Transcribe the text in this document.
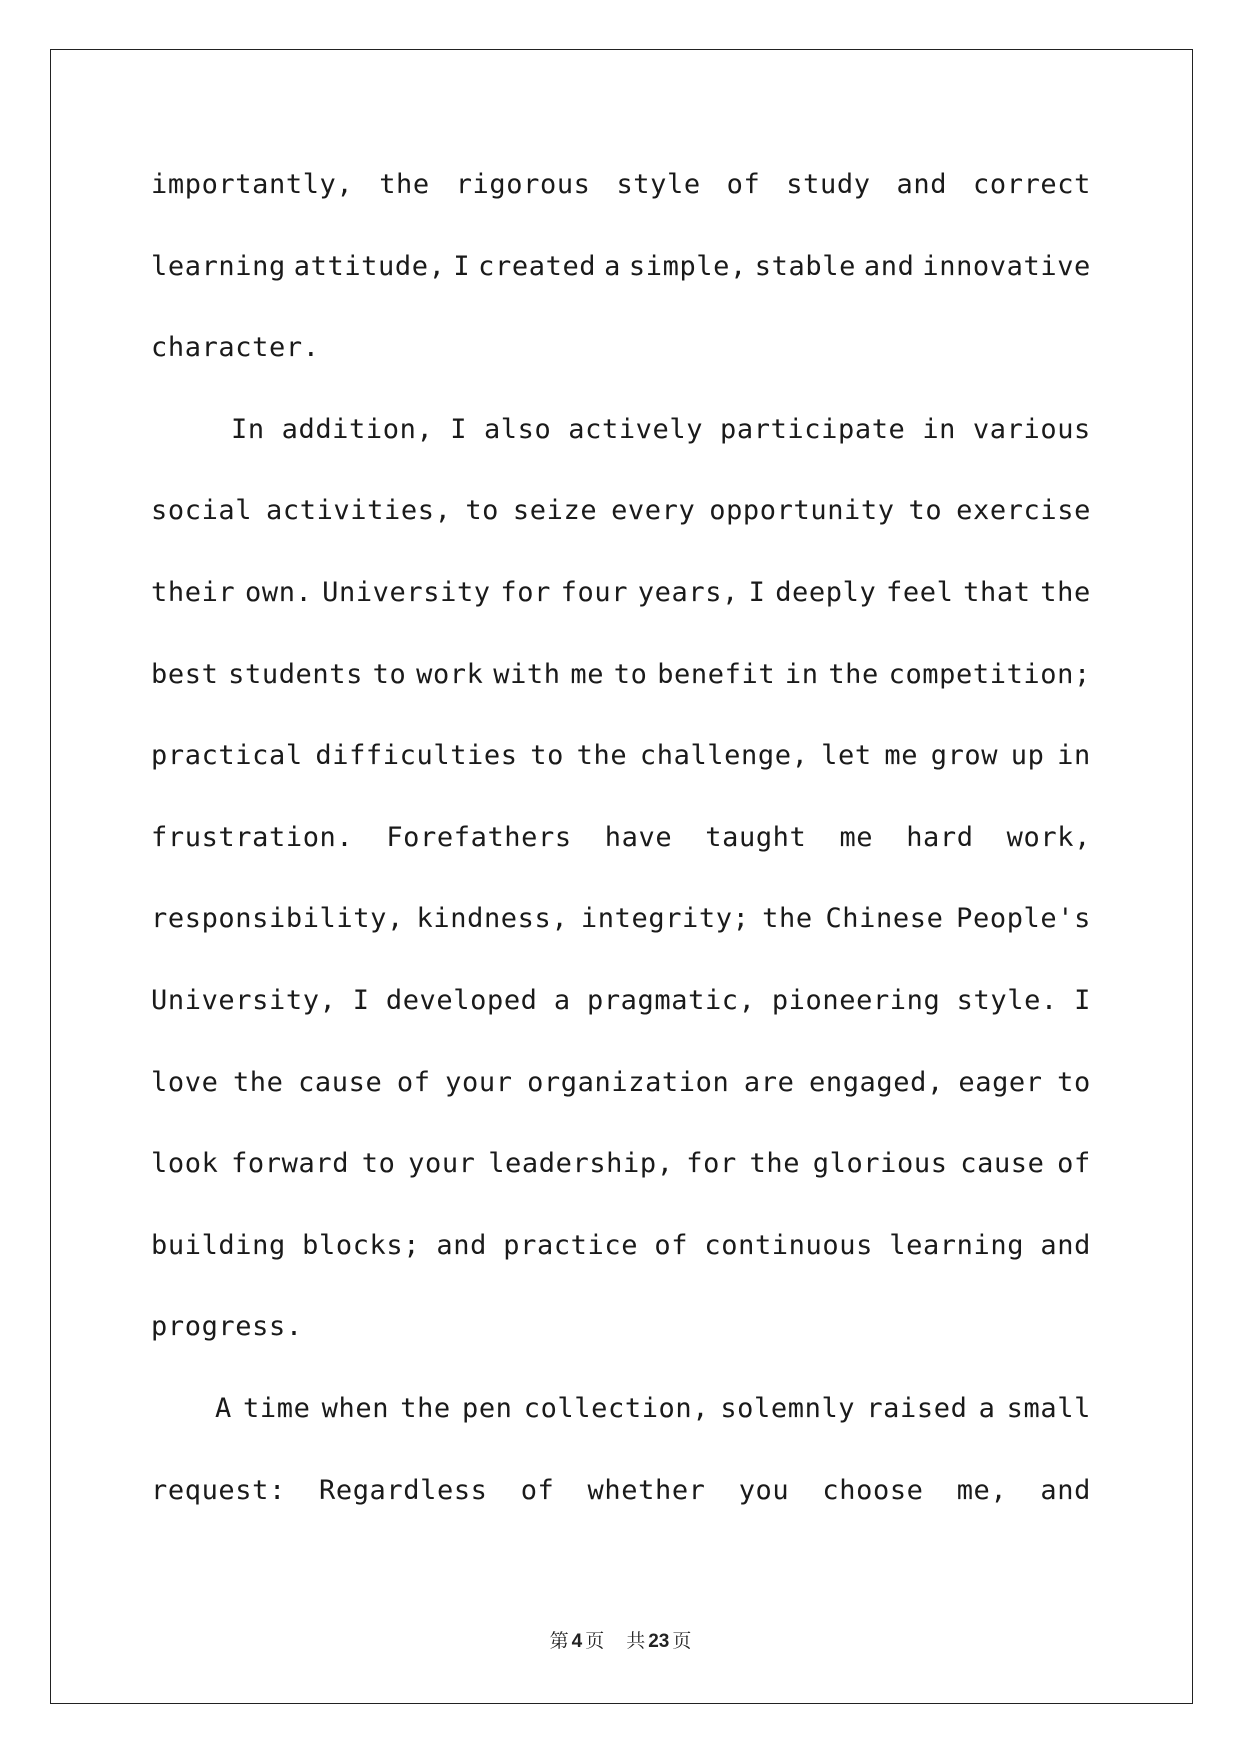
importantly, the rigorous style of study and correct
learning attitude, I created a simple, stable and innovative
character.
In addition, I also actively participate in various
social activities, to seize every opportunity to exercise
their own. University for four years, I deeply feel that the
best students to work with me to benefit in the competition;
practical difficulties to the challenge, let me grow up in
frustration. Forefathers have taught me hard work,
responsibility, kindness, integrity; the Chinese People's
University, I developed a pragmatic, pioneering style. I
love the cause of your organization are engaged, eager to
look forward to your leadership, for the glorious cause of
building blocks; and practice of continuous learning and
progress.
A time when the pen collection, solemnly raised a small
request: Regardless of whether you choose me, and
第 4 页 共 23 页
